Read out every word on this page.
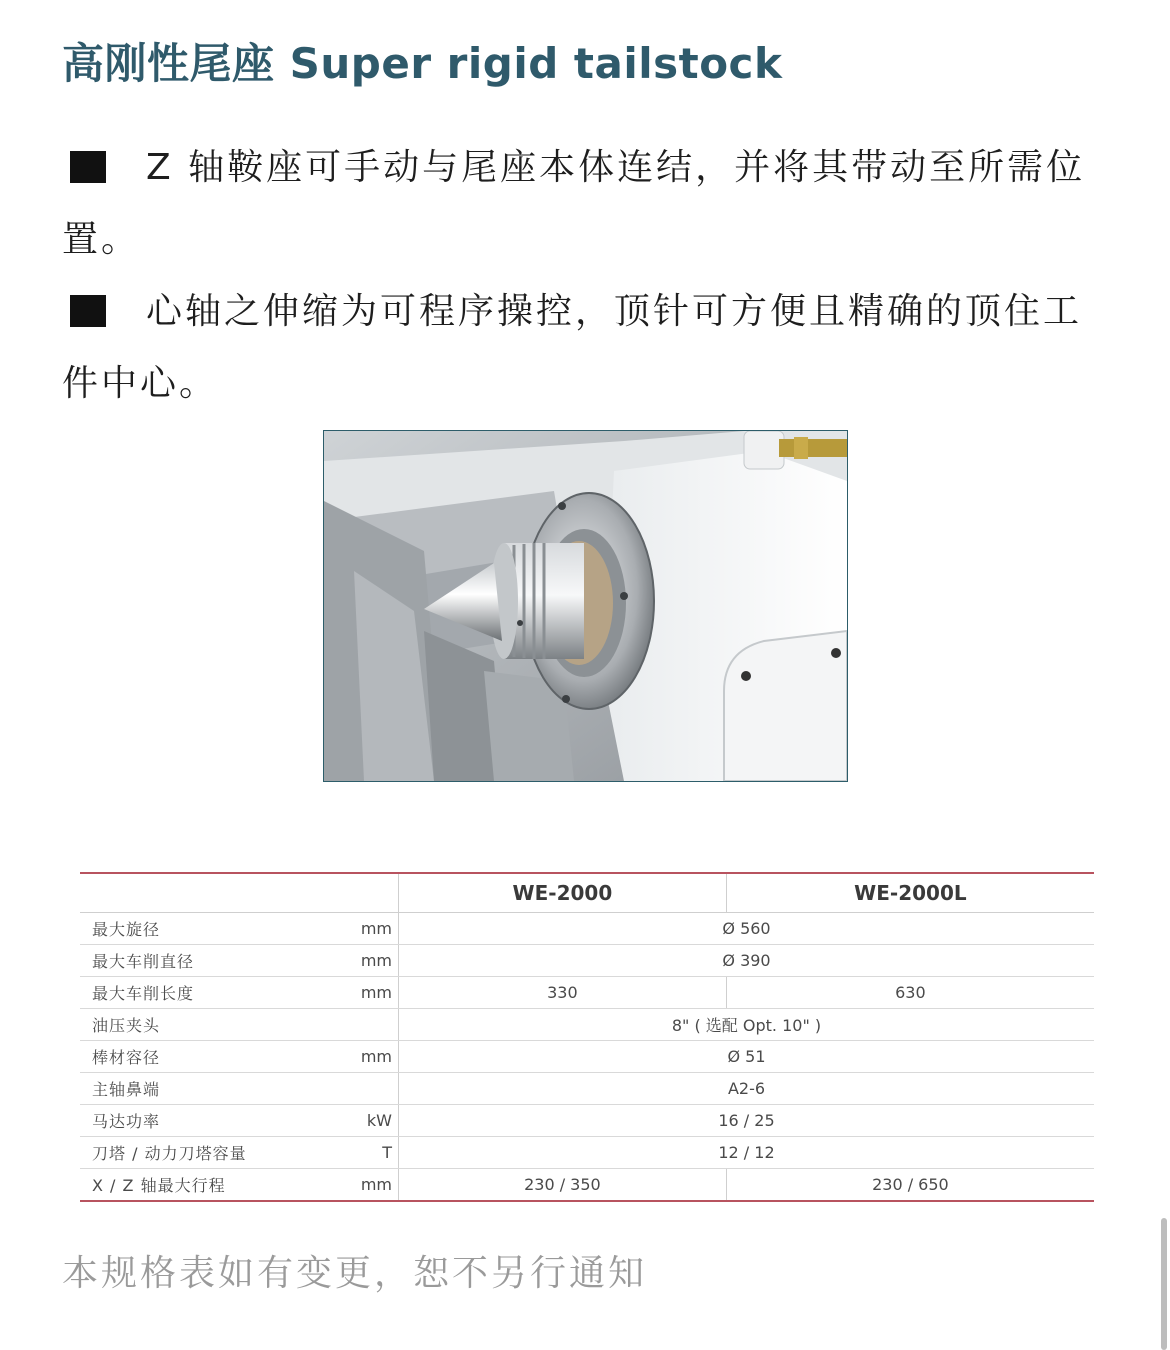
高刚性尾座 Super rigid tailstock

Z 轴鞍座可手动与尾座本体连结，并将其带动至所需位置。

心轴之伸缩为可程序操控，顶针可方便且精确的顶住工件中心。

		WE-2000	WE-2000L
最大旋径	mm	Ø 560	
最大车削直径	mm	Ø 390	
最大车削长度	mm	330	630
油压夹头		8" ( 选配 Opt. 10" )	
棒材容径	mm	Ø 51	
主轴鼻端		A2-6	
马达功率	kW	16 / 25	
刀塔 / 动力刀塔容量	T	12 / 12	
X / Z 轴最大行程	mm	230 / 350	230 / 650

本规格表如有变更，恕不另行通知
